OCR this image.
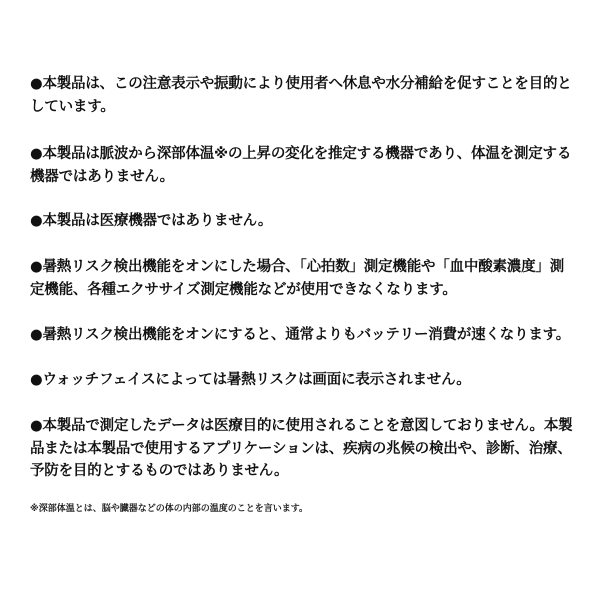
●本製品は、この注意表示や振動により使用者へ休息や水分補給を促すことを目的としています。

●本製品は脈波から深部体温※の上昇の変化を推定する機器であり、体温を測定する機器ではありません。

●本製品は医療機器ではありません。

●暑熱リスク検出機能をオンにした場合、「心拍数」測定機能や「血中酸素濃度」測定機能、各種エクササイズ測定機能などが使用できなくなります。

●暑熱リスク検出機能をオンにすると、通常よりもバッテリー消費が速くなります。

●ウォッチフェイスによっては暑熱リスクは画面に表示されません。

●本製品で測定したデータは医療目的に使用されることを意図しておりません。本製品または本製品で使用するアプリケーションは、疾病の兆候の検出や、診断、治療、予防を目的とするものではありません。

※深部体温とは、脳や臓器などの体の内部の温度のことを言います。
